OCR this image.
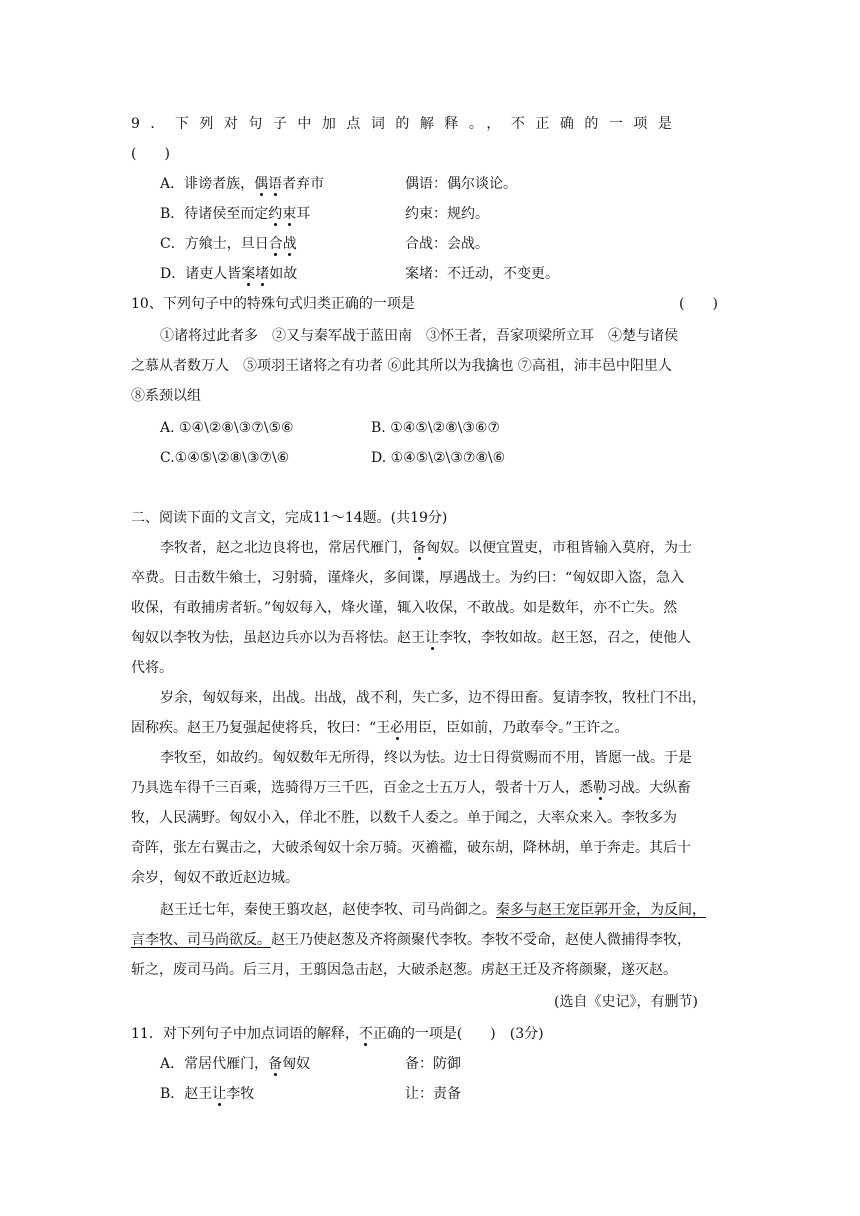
9．下列对句子中加点词的解释。，不正确的一项是
(　　)
A．诽谤者族，偶语者弃市	偶语：偶尔谈论。
B．待诸侯至而定约束耳	约束：规约。
C．方飨士，旦日合战	合战：会战。
D．诸吏人皆案堵如故	案堵：不迁动，不变更。
10、下列句子中的特殊句式归类正确的一项是	(　　)
①诸将过此者多　②又与秦军战于蓝田南　③怀王者，吾家项梁所立耳　④楚与诸侯
之慕从者数万人　⑤项羽王诸将之有功者 ⑥此其所以为我擒也 ⑦高祖，沛丰邑中阳里人
⑧系颈以组
A. ①④\②⑧\③⑦\⑤⑥	B. ①④⑤\②⑧\③⑥⑦
C.①④⑤\②⑧\③⑦\⑥	D. ①④⑤\②\③⑦⑧\⑥
二、阅读下面的文言文，完成11～14题。(共19分)
李牧者，赵之北边良将也，常居代雁门，备匈奴。以便宜置吏，市租皆输入莫府，为士
卒费。日击数牛飨士，习射骑，谨烽火，多间谍，厚遇战士。为约曰：“匈奴即入盗，急入
收保，有敢捕虏者斩。”匈奴每入，烽火谨，辄入收保，不敢战。如是数年，亦不亡失。然
匈奴以李牧为怯，虽赵边兵亦以为吾将怯。赵王让李牧，李牧如故。赵王怒，召之，使他人
代将。
岁余，匈奴每来，出战。出战，战不利，失亡多，边不得田畜。复请李牧，牧杜门不出，
固称疾。赵王乃复强起使将兵，牧曰：“王必用臣，臣如前，乃敢奉令。”王许之。
李牧至，如故约。匈奴数年无所得，终以为怯。边士日得赏赐而不用，皆愿一战。于是
乃具选车得千三百乘，选骑得万三千匹，百金之士五万人，彀者十万人，悉勒习战。大纵畜
牧，人民满野。匈奴小入，佯北不胜，以数千人委之。单于闻之，大率众来入。李牧多为
奇阵，张左右翼击之，大破杀匈奴十余万骑。灭襜褴，破东胡，降林胡，单于奔走。其后十
余岁，匈奴不敢近赵边城。
赵王迁七年，秦使王翦攻赵，赵使李牧、司马尚御之。秦多与赵王宠臣郭开金，为反间，
言李牧、司马尚欲反。赵王乃使赵葱及齐将颜聚代李牧。李牧不受命，赵使人微捕得李牧，
斩之，废司马尚。后三月，王翦因急击赵，大破杀赵葱。虏赵王迁及齐将颜聚，遂灭赵。
(选自《史记》，有删节)
11．对下列句子中加点词语的解释，不正确的一项是(　　)　(3分)
A．常居代雁门，备匈奴	备：防御
B．赵王让李牧	让：责备
